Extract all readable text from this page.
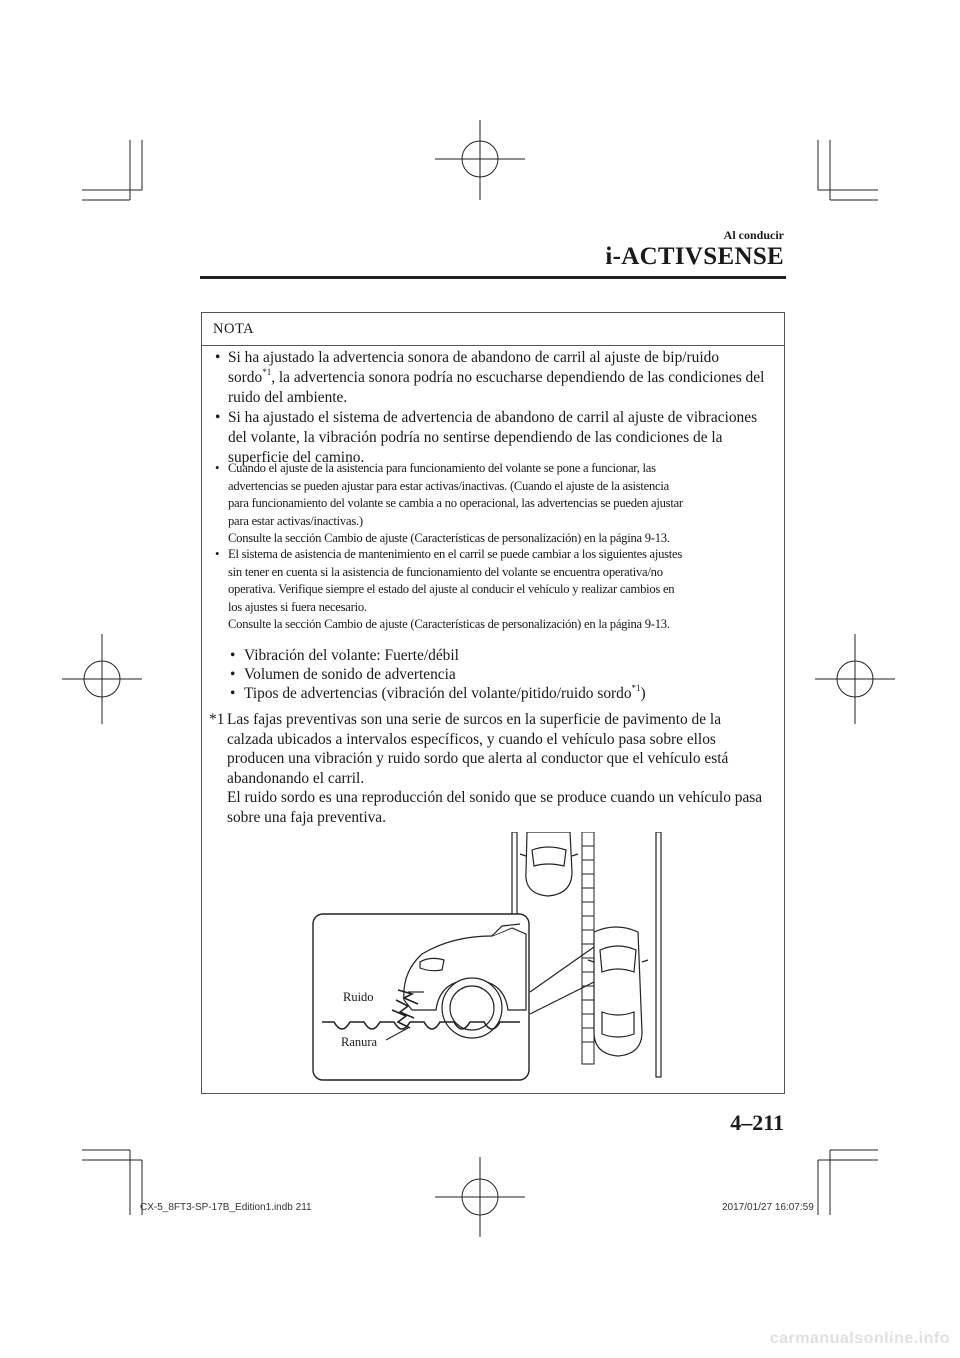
Al conducir
i-ACTIVSENSE
NOTA
• Si ha ajustado la advertencia sonora de abandono de carril al ajuste de bip/ruido
sordo$^{*1}$, la advertencia sonora podría no escucharse dependiendo de las condiciones del
ruido del ambiente.
• Si ha ajustado el sistema de advertencia de abandono de carril al ajuste de vibraciones
del volante, la vibración podría no sentirse dependiendo de las condiciones de la
superficie del camino.
• Cuando el ajuste de la asistencia para funcionamiento del volante se pone a funcionar, las
advertencias se pueden ajustar para estar activas/inactivas. (Cuando el ajuste de la asistencia
para funcionamiento del volante se cambia a no operacional, las advertencias se pueden ajustar
para estar activas/inactivas.)
Consulte la sección Cambio de ajuste (Características de personalización) en la página 9-13.
• El sistema de asistencia de mantenimiento en el carril se puede cambiar a los siguientes ajustes
sin tener en cuenta si la asistencia de funcionamiento del volante se encuentra operativa/no
operativa. Verifique siempre el estado del ajuste al conducir el vehículo y realizar cambios en
los ajustes si fuera necesario.
Consulte la sección Cambio de ajuste (Características de personalización) en la página 9-13.
• Vibración del volante: Fuerte/débil
• Volumen de sonido de advertencia
• Tipos de advertencias (vibración del volante/pitido/ruido sordo$^{*1}$)
*1 Las fajas preventivas son una serie de surcos en la superficie de pavimento de la
calzada ubicados a intervalos específicos, y cuando el vehículo pasa sobre ellos
producen una vibración y ruido sordo que alerta al conductor que el vehículo está
abandonando el carril.
El ruido sordo es una reproducción del sonido que se produce cuando un vehículo pasa
sobre una faja preventiva.
Ruido
Ranura
4–211
CX-5_8FT3-SP-17B_Edition1.indb 211	2017/01/27 16:07:59
carmanualsonline.info
